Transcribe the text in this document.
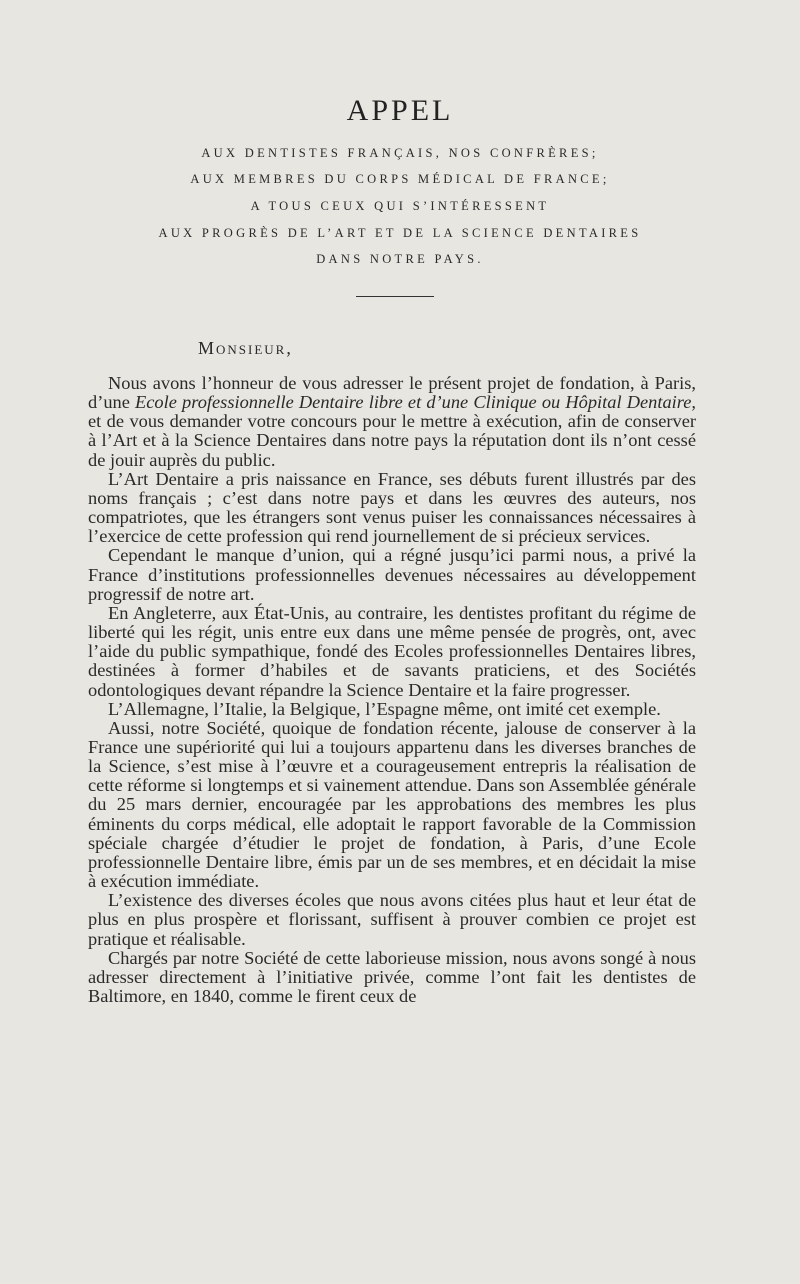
APPEL
AUX DENTISTES FRANÇAIS, NOS CONFRÈRES;
AUX MEMBRES DU CORPS MÉDICAL DE FRANCE;
A TOUS CEUX QUI S’INTÉRESSENT
AUX PROGRÈS DE L’ART ET DE LA SCIENCE DENTAIRES
DANS NOTRE PAYS.
Monsieur,

Nous avons l’honneur de vous adresser le présent projet de fondation, à Paris, d’une Ecole professionnelle Dentaire libre et d’une Clinique ou Hôpital Dentaire, et de vous demander votre concours pour le mettre à exécution, afin de conserver à l’Art et à la Science Dentaires dans notre pays la réputation dont ils n’ont cessé de jouir auprès du public.

L’Art Dentaire a pris naissance en France, ses débuts furent illustrés par des noms français ; c’est dans notre pays et dans les œuvres des auteurs, nos compatriotes, que les étrangers sont venus puiser les connaissances nécessaires à l’exercice de cette profession qui rend journellement de si précieux services.

Cependant le manque d’union, qui a régné jusqu’ici parmi nous, a privé la France d’institutions professionnelles devenues nécessaires au développement progressif de notre art.

En Angleterre, aux État-Unis, au contraire, les dentistes profitant du régime de liberté qui les régit, unis entre eux dans une même pensée de progrès, ont, avec l’aide du public sympathique, fondé des Ecoles professionnelles Dentaires libres, destinées à former d’habiles et de savants praticiens, et des Sociétés odontologiques devant répandre la Science Dentaire et la faire progresser.

L’Allemagne, l’Italie, la Belgique, l’Espagne même, ont imité cet exemple.

Aussi, notre Société, quoique de fondation récente, jalouse de conserver à la France une supériorité qui lui a toujours appartenu dans les diverses branches de la Science, s’est mise à l’œuvre et a courageusement entrepris la réalisation de cette réforme si longtemps et si vainement attendue. Dans son Assemblée générale du 25 mars dernier, encouragée par les approbations des membres les plus éminents du corps médical, elle adoptait le rapport favorable de la Commission spéciale chargée d’étudier le projet de fondation, à Paris, d’une Ecole professionnelle Dentaire libre, émis par un de ses membres, et en décidait la mise à exécution immédiate.

L’existence des diverses écoles que nous avons citées plus haut et leur état de plus en plus prospère et florissant, suffisent à prouver combien ce projet est pratique et réalisable.

Chargés par notre Société de cette laborieuse mission, nous avons songé à nous adresser directement à l’initiative privée, comme l’ont fait les dentistes de Baltimore, en 1840, comme le firent ceux de
